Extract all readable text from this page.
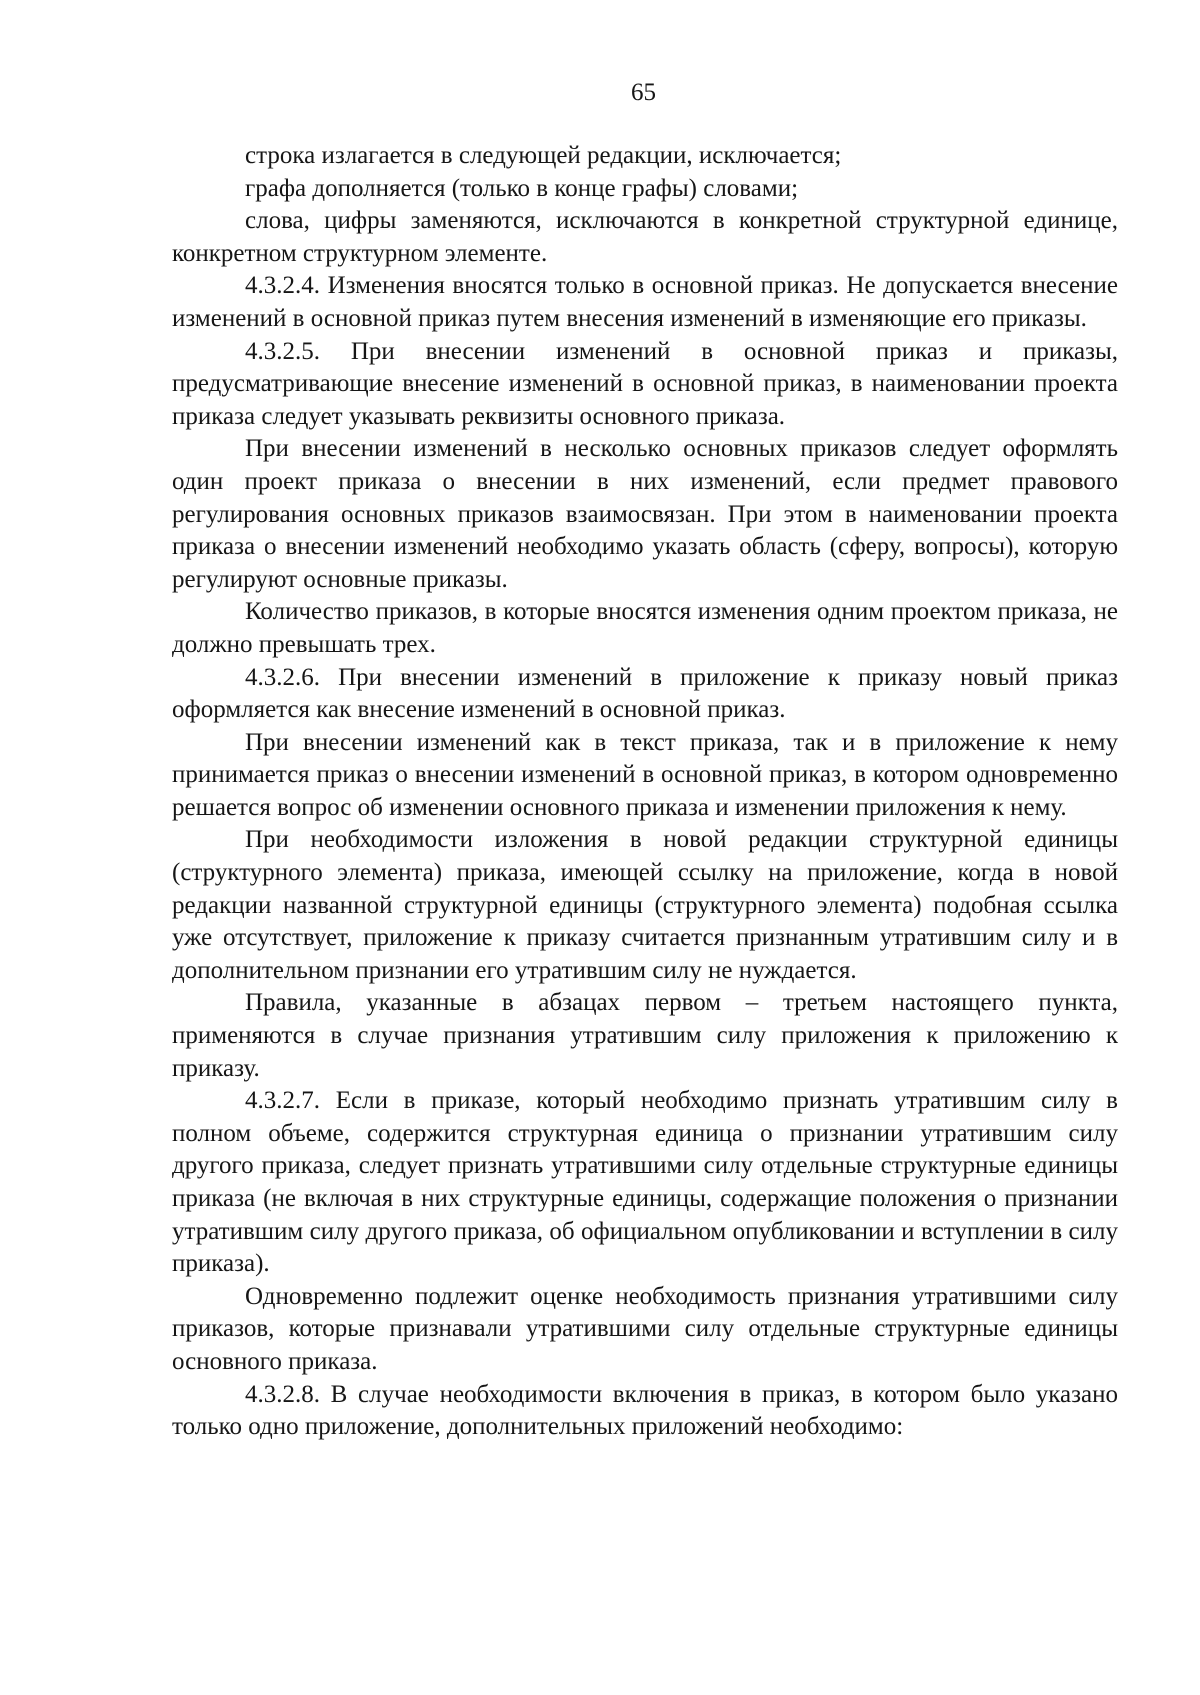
65

строка излагается в следующей редакции, исключается;

графа дополняется (только в конце графы) словами;

слова, цифры заменяются, исключаются в конкретной структурной единице, конкретном структурном элементе.

4.3.2.4. Изменения вносятся только в основной приказ. Не допускается внесение изменений в основной приказ путем внесения изменений в изменяющие его приказы.

4.3.2.5. При внесении изменений в основной приказ и приказы, предусматривающие внесение изменений в основной приказ, в наименовании проекта приказа следует указывать реквизиты основного приказа.

При внесении изменений в несколько основных приказов следует оформлять один проект приказа о внесении в них изменений, если предмет правового регулирования основных приказов взаимосвязан. При этом в наименовании проекта приказа о внесении изменений необходимо указать область (сферу, вопросы), которую регулируют основные приказы.

Количество приказов, в которые вносятся изменения одним проектом приказа, не должно превышать трех.

4.3.2.6. При внесении изменений в приложение к приказу новый приказ оформляется как внесение изменений в основной приказ.

При внесении изменений как в текст приказа, так и в приложение к нему принимается приказ о внесении изменений в основной приказ, в котором одновременно решается вопрос об изменении основного приказа и изменении приложения к нему.

При необходимости изложения в новой редакции структурной единицы (структурного элемента) приказа, имеющей ссылку на приложение, когда в новой редакции названной структурной единицы (структурного элемента) подобная ссылка уже отсутствует, приложение к приказу считается признанным утратившим силу и в дополнительном признании его утратившим силу не нуждается.

Правила, указанные в абзацах первом – третьем настоящего пункта, применяются в случае признания утратившим силу приложения к приложению к приказу.

4.3.2.7. Если в приказе, который необходимо признать утратившим силу в полном объеме, содержится структурная единица о признании утратившим силу другого приказа, следует признать утратившими силу отдельные структурные единицы приказа (не включая в них структурные единицы, содержащие положения о признании утратившим силу другого приказа, об официальном опубликовании и вступлении в силу приказа).

Одновременно подлежит оценке необходимость признания утратившими силу приказов, которые признавали утратившими силу отдельные структурные единицы основного приказа.

4.3.2.8. В случае необходимости включения в приказ, в котором было указано только одно приложение, дополнительных приложений необходимо:
